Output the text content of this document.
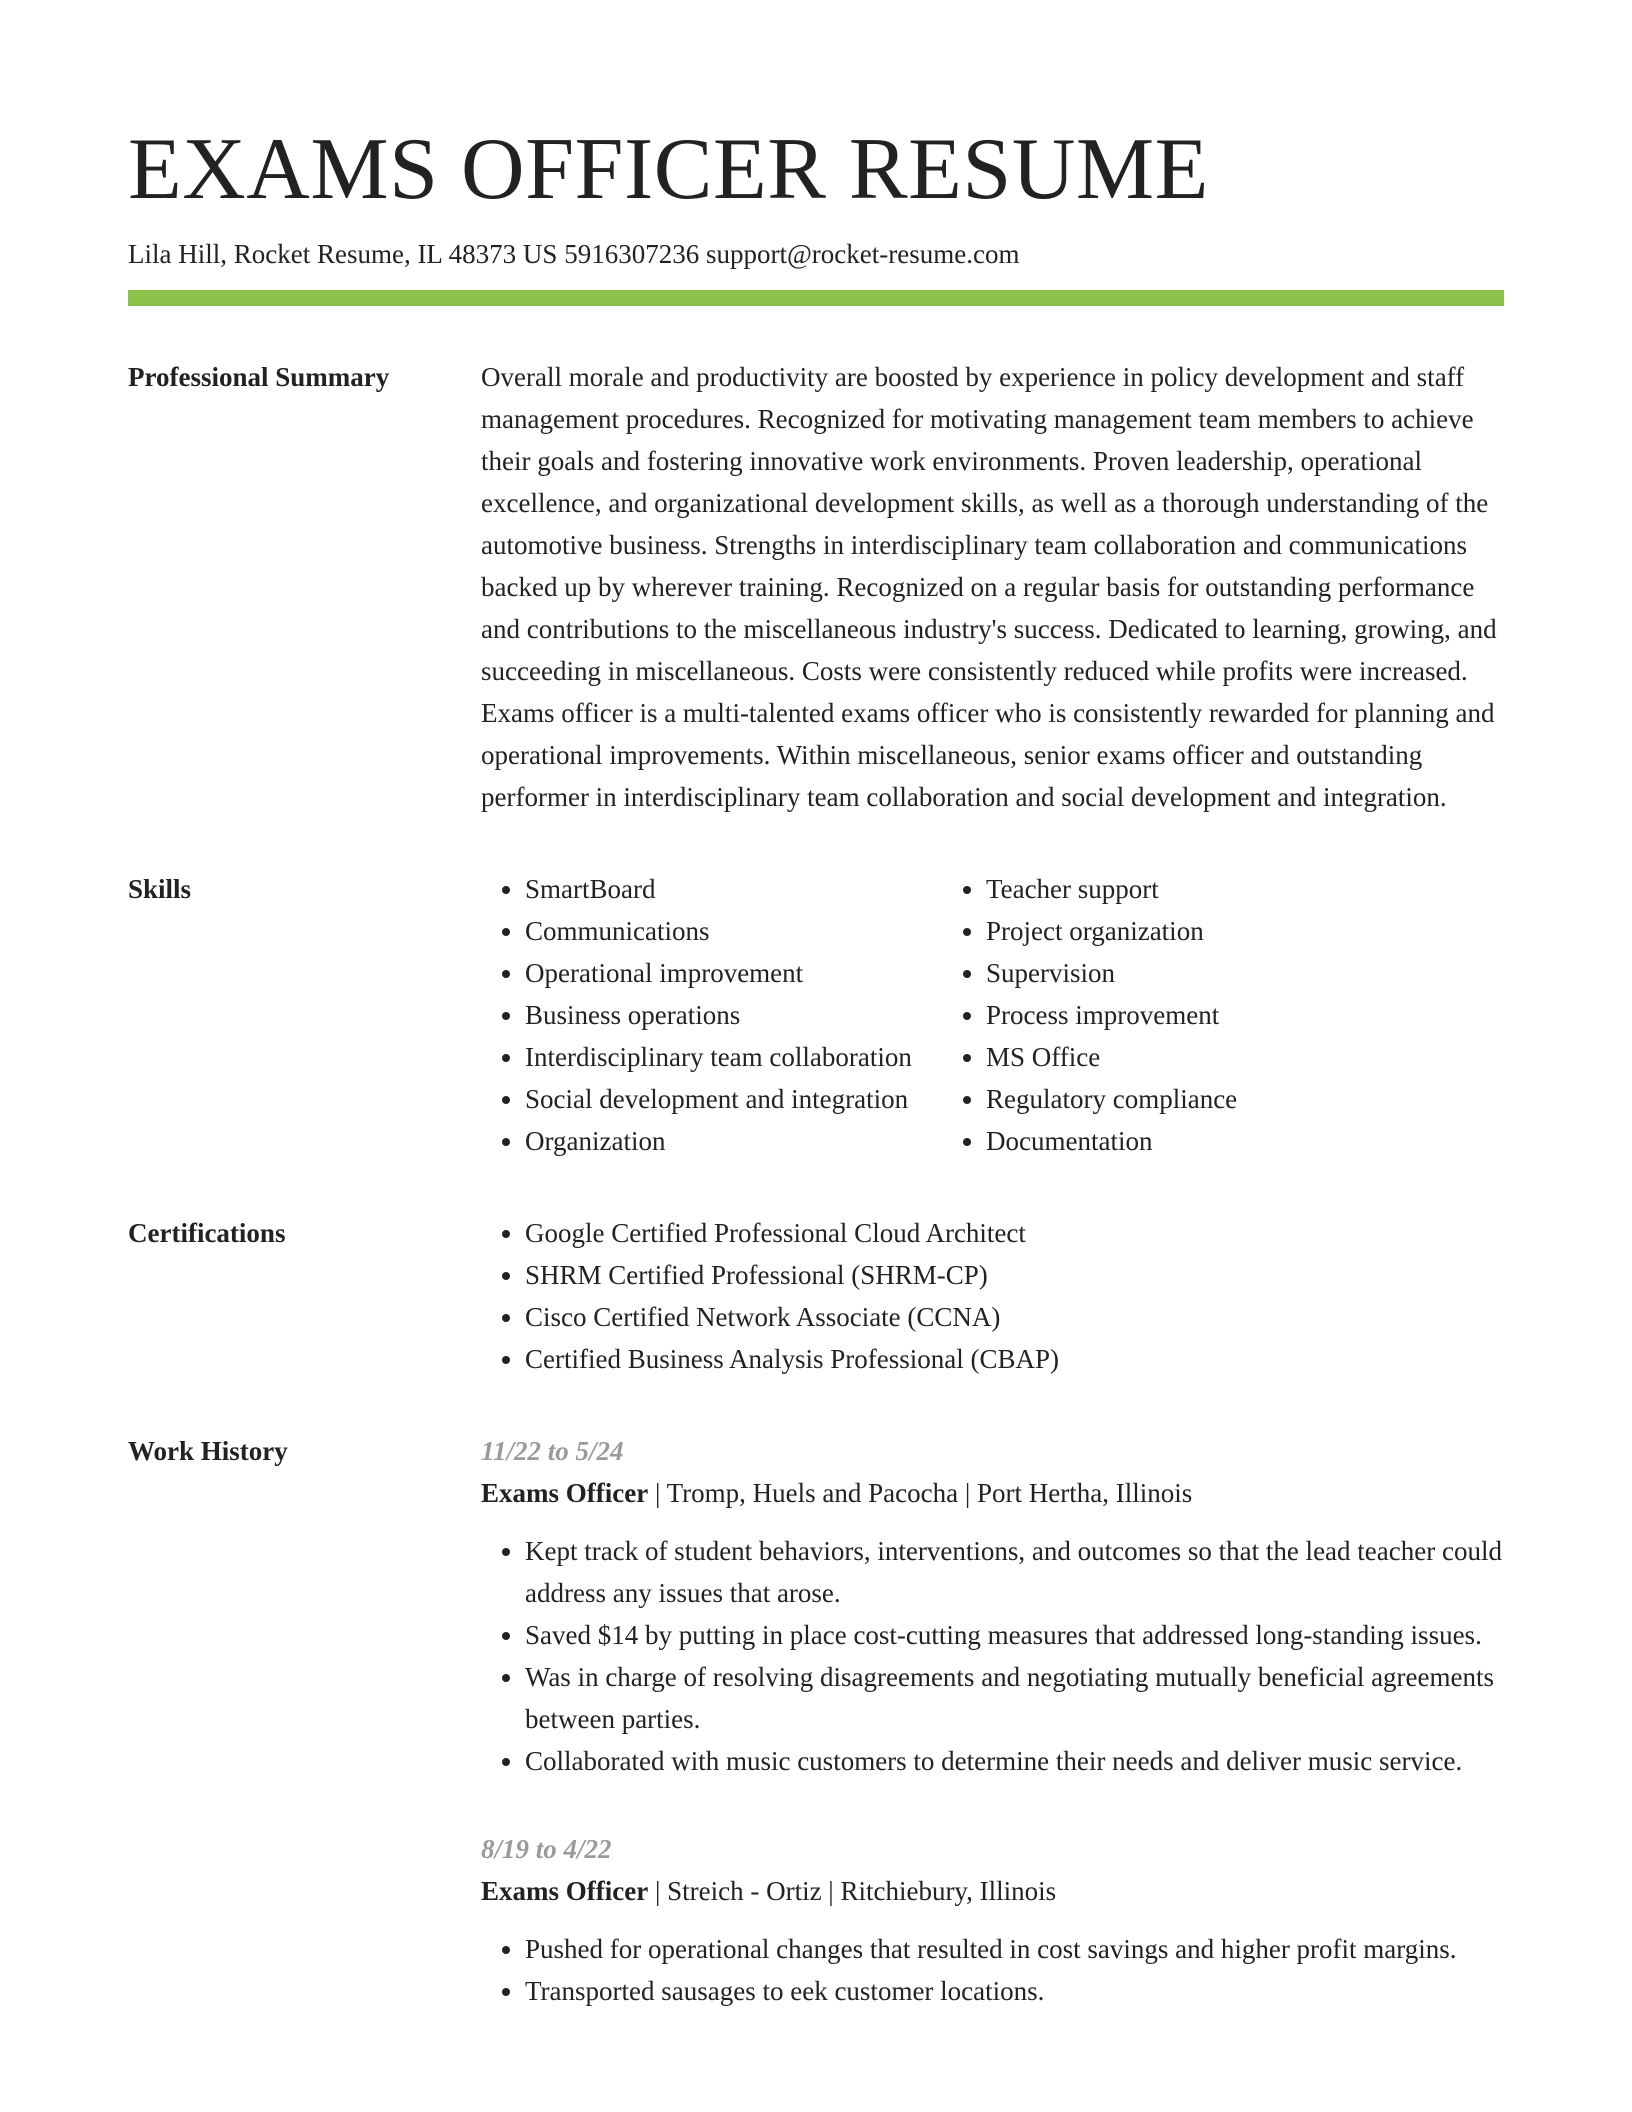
EXAMS OFFICER RESUME
Lila Hill, Rocket Resume, IL 48373 US 5916307236 support@rocket-resume.com
Professional Summary	Overall morale and productivity are boosted by experience in policy development and staff management procedures. Recognized for motivating management team members to achieve their goals and fostering innovative work environments. Proven leadership, operational excellence, and organizational development skills, as well as a thorough understanding of the automotive business. Strengths in interdisciplinary team collaboration and communications backed up by wherever training. Recognized on a regular basis for outstanding performance and contributions to the miscellaneous industry's success. Dedicated to learning, growing, and succeeding in miscellaneous. Costs were consistently reduced while profits were increased. Exams officer is a multi-talented exams officer who is consistently rewarded for planning and operational improvements. Within miscellaneous, senior exams officer and outstanding performer in interdisciplinary team collaboration and social development and integration.

Skills	• SmartBoard
• Communications
• Operational improvement
• Business operations
• Interdisciplinary team collaboration
• Social development and integration
• Organization
• Teacher support
• Project organization
• Supervision
• Process improvement
• MS Office
• Regulatory compliance
• Documentation
Certifications	• Google Certified Professional Cloud Architect
• SHRM Certified Professional (SHRM-CP)
• Cisco Certified Network Associate (CCNA)
• Certified Business Analysis Professional (CBAP)
Work History	11/22 to 5/24
Exams Officer | Tromp, Huels and Pacocha | Port Hertha, Illinois
• Kept track of student behaviors, interventions, and outcomes so that the lead teacher could address any issues that arose.
• Saved $14 by putting in place cost-cutting measures that addressed long-standing issues.
• Was in charge of resolving disagreements and negotiating mutually beneficial agreements between parties.
• Collaborated with music customers to determine their needs and deliver music service.
8/19 to 4/22
Exams Officer | Streich - Ortiz | Ritchiebury, Illinois
• Pushed for operational changes that resulted in cost savings and higher profit margins.
• Transported sausages to eek customer locations.
